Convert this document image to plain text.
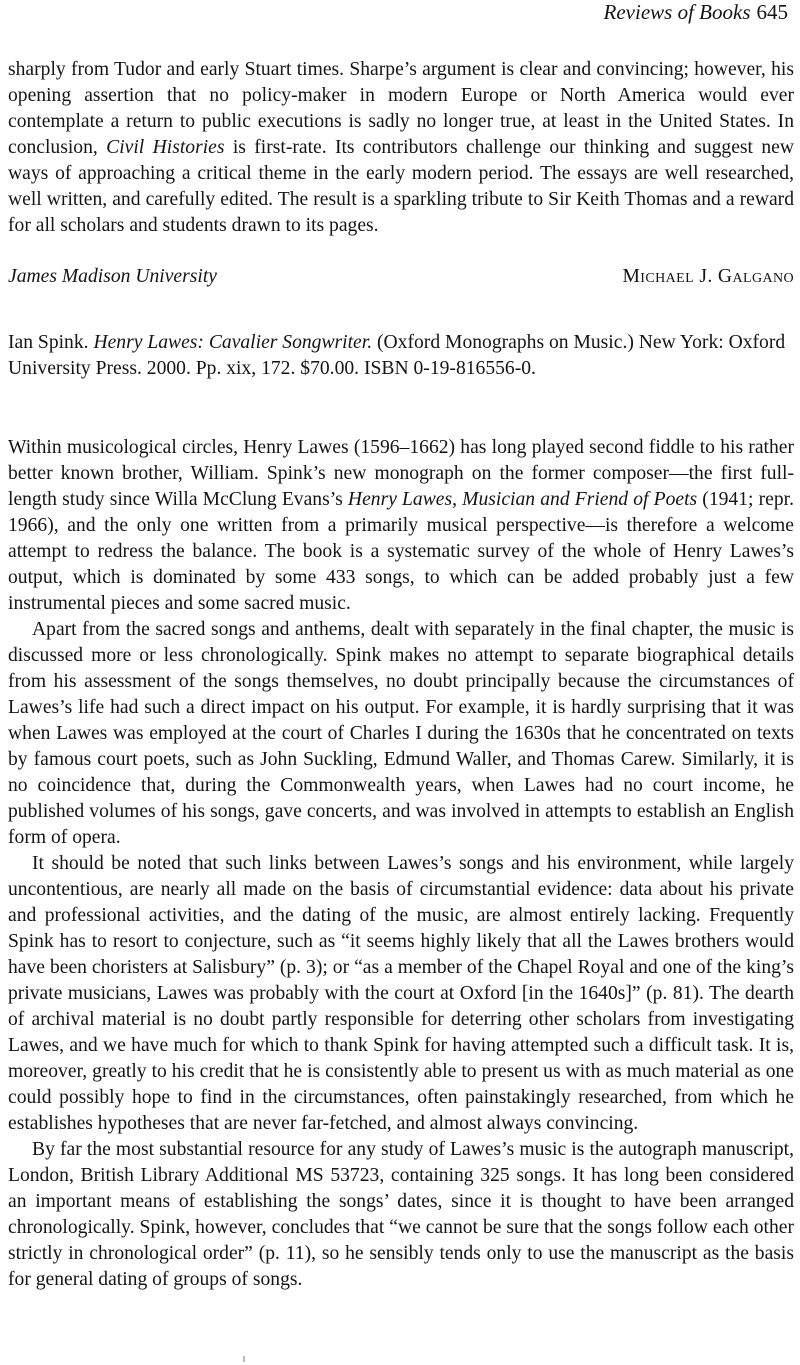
Reviews of Books 645

sharply from Tudor and early Stuart times. Sharpe’s argument is clear and convincing; however, his opening assertion that no policy-maker in modern Europe or North America would ever contemplate a return to public executions is sadly no longer true, at least in the United States. In conclusion, Civil Histories is first-rate. Its contributors challenge our thinking and suggest new ways of approaching a critical theme in the early modern period. The essays are well researched, well written, and carefully edited. The result is a sparkling tribute to Sir Keith Thomas and a reward for all scholars and students drawn to its pages.

James Madison University	Michael J. Galgano

Ian Spink. Henry Lawes: Cavalier Songwriter. (Oxford Monographs on Music.) New York: Oxford University Press. 2000. Pp. xix, 172. $70.00. ISBN 0-19-816556-0.

Within musicological circles, Henry Lawes (1596–1662) has long played second fiddle to his rather better known brother, William. Spink’s new monograph on the former composer—the first full-length study since Willa McClung Evans’s Henry Lawes, Musician and Friend of Poets (1941; repr. 1966), and the only one written from a primarily musical perspective—is therefore a welcome attempt to redress the balance. The book is a systematic survey of the whole of Henry Lawes’s output, which is dominated by some 433 songs, to which can be added probably just a few instrumental pieces and some sacred music.

Apart from the sacred songs and anthems, dealt with separately in the final chapter, the music is discussed more or less chronologically. Spink makes no attempt to separate biographical details from his assessment of the songs themselves, no doubt principally because the circumstances of Lawes’s life had such a direct impact on his output. For example, it is hardly surprising that it was when Lawes was employed at the court of Charles I during the 1630s that he concentrated on texts by famous court poets, such as John Suckling, Edmund Waller, and Thomas Carew. Similarly, it is no coincidence that, during the Commonwealth years, when Lawes had no court income, he published volumes of his songs, gave concerts, and was involved in attempts to establish an English form of opera.

It should be noted that such links between Lawes’s songs and his environment, while largely uncontentious, are nearly all made on the basis of circumstantial evidence: data about his private and professional activities, and the dating of the music, are almost entirely lacking. Frequently Spink has to resort to conjecture, such as “it seems highly likely that all the Lawes brothers would have been choristers at Salisbury” (p. 3); or “as a member of the Chapel Royal and one of the king’s private musicians, Lawes was probably with the court at Oxford [in the 1640s]” (p. 81). The dearth of archival material is no doubt partly responsible for deterring other scholars from investigating Lawes, and we have much for which to thank Spink for having attempted such a difficult task. It is, moreover, greatly to his credit that he is consistently able to present us with as much material as one could possibly hope to find in the circumstances, often painstakingly researched, from which he establishes hypotheses that are never far-fetched, and almost always convincing.

By far the most substantial resource for any study of Lawes’s music is the autograph manuscript, London, British Library Additional MS 53723, containing 325 songs. It has long been considered an important means of establishing the songs’ dates, since it is thought to have been arranged chronologically. Spink, however, concludes that “we cannot be sure that the songs follow each other strictly in chronological order” (p. 11), so he sensibly tends only to use the manuscript as the basis for general dating of groups of songs.
